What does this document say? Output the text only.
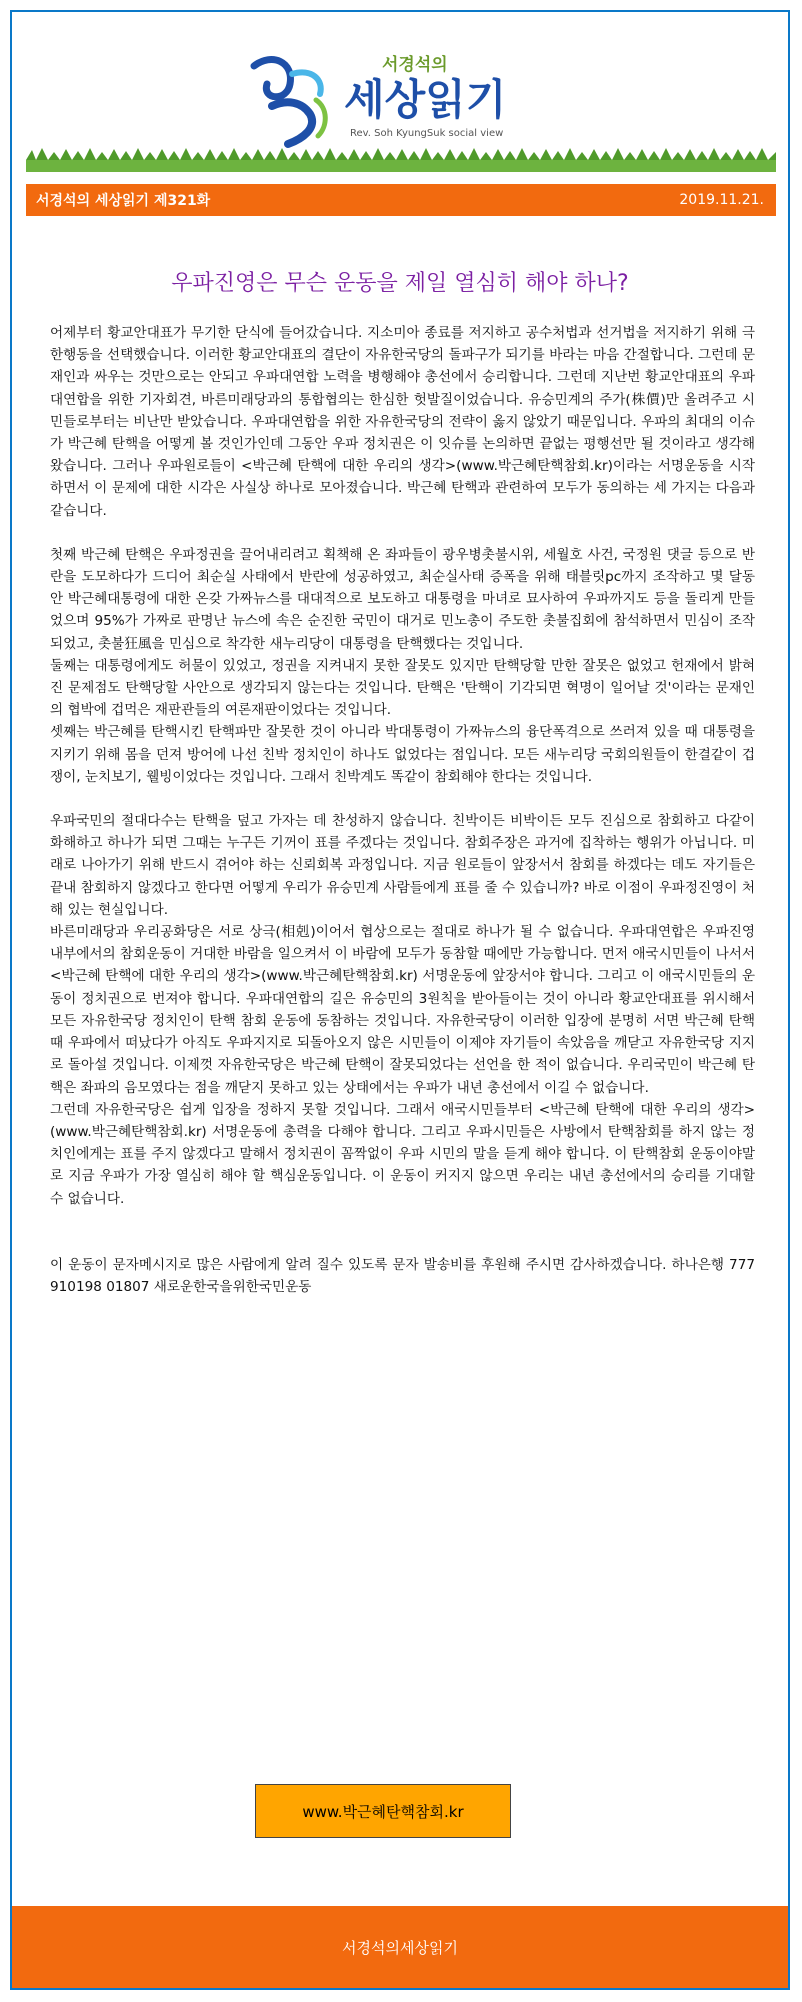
서경석의
세상읽기
Rev. Soh KyungSuk social view
서경석의 세상읽기 제321화	2019.11.21.
우파진영은 무슨 운동을 제일 열심히 해야 하나?

어제부터 황교안대표가 무기한 단식에 들어갔습니다. 지소미아 종료를 저지하고 공수처법과 선거법을 저지하기 위해 극한행동을 선택했습니다. 이러한 황교안대표의 결단이 자유한국당의 돌파구가 되기를 바라는 마음 간절합니다. 그런데 문재인과 싸우는 것만으로는 안되고 우파대연합 노력을 병행해야 총선에서 승리합니다. 그런데 지난번 황교안대표의 우파대연합을 위한 기자회견, 바른미래당과의 통합협의는 한심한 헛발질이었습니다. 유승민계의 주가(株價)만 올려주고 시민들로부터는 비난만 받았습니다. 우파대연합을 위한 자유한국당의 전략이 옳지 않았기 때문입니다. 우파의 최대의 이슈가 박근혜 탄핵을 어떻게 볼 것인가인데 그동안 우파 정치권은 이 잇슈를 논의하면 끝없는 평행선만 될 것이라고 생각해 왔습니다. 그러나 우파원로들이 <박근혜 탄핵에 대한 우리의 생각>(www.박근혜탄핵참회.kr)이라는 서명운동을 시작하면서 이 문제에 대한 시각은 사실상 하나로 모아졌습니다. 박근혜 탄핵과 관련하여 모두가 동의하는 세 가지는 다음과 같습니다.

첫째 박근혜 탄핵은 우파정권을 끌어내리려고 획책해 온 좌파들이 광우병촛불시위, 세월호 사건, 국정원 댓글 등으로 반란을 도모하다가 드디어 최순실 사태에서 반란에 성공하였고, 최순실사태 증폭을 위해 태블릿pc까지 조작하고 몇 달동안 박근혜대통령에 대한 온갖 가짜뉴스를 대대적으로 보도하고 대통령을 마녀로 묘사하여 우파까지도 등을 돌리게 만들었으며 95%가 가짜로 판명난 뉴스에 속은 순진한 국민이 대거로 민노총이 주도한 촛불집회에 참석하면서 민심이 조작되었고, 촛불狂風을 민심으로 착각한 새누리당이 대통령을 탄핵했다는 것입니다.

둘째는 대통령에게도 허물이 있었고, 정권을 지켜내지 못한 잘못도 있지만 탄핵당할 만한 잘못은 없었고 헌재에서 밝혀진 문제점도 탄핵당할 사안으로 생각되지 않는다는 것입니다. 탄핵은 '탄핵이 기각되면 혁명이 일어날 것'이라는 문재인의 협박에 겁먹은 재판관들의 여론재판이었다는 것입니다.

셋째는 박근혜를 탄핵시킨 탄핵파만 잘못한 것이 아니라 박대통령이 가짜뉴스의 융단폭격으로 쓰러져 있을 때 대통령을 지키기 위해 몸을 던져 방어에 나선 친박 정치인이 하나도 없었다는 점입니다. 모든 새누리당 국회의원들이 한결같이 겁쟁이, 눈치보기, 웰빙이었다는 것입니다. 그래서 친박계도 똑같이 참회해야 한다는 것입니다.

우파국민의 절대다수는 탄핵을 덮고 가자는 데 찬성하지 않습니다. 친박이든 비박이든 모두 진심으로 참회하고 다같이 화해하고 하나가 되면 그때는 누구든 기꺼이 표를 주겠다는 것입니다. 참회주장은 과거에 집착하는 행위가 아닙니다. 미래로 나아가기 위해 반드시 겪어야 하는 신뢰회복 과정입니다. 지금 원로들이 앞장서서 참회를 하겠다는 데도 자기들은 끝내 참회하지 않겠다고 한다면 어떻게 우리가 유승민계 사람들에게 표를 줄 수 있습니까? 바로 이점이 우파정진영이 처해 있는 현실입니다.

바른미래당과 우리공화당은 서로 상극(相剋)이어서 협상으로는 절대로 하나가 될 수 없습니다. 우파대연합은 우파진영내부에서의 참회운동이 거대한 바람을 일으켜서 이 바람에 모두가 동참할 때에만 가능합니다. 먼저 애국시민들이 나서서 <박근혜 탄핵에 대한 우리의 생각>(www.박근혜탄핵참회.kr) 서명운동에 앞장서야 합니다. 그리고 이 애국시민들의 운동이 정치권으로 번져야 합니다. 우파대연합의 길은 유승민의 3원칙을 받아들이는 것이 아니라 황교안대표를 위시해서 모든 자유한국당 정치인이 탄핵 참회 운동에 동참하는 것입니다. 자유한국당이 이러한 입장에 분명히 서면 박근혜 탄핵 때 우파에서 떠났다가 아직도 우파지지로 되돌아오지 않은 시민들이 이제야 자기들이 속았음을 깨닫고 자유한국당 지지로 돌아설 것입니다. 이제껏 자유한국당은 박근혜 탄핵이 잘못되었다는 선언을 한 적이 없습니다. 우리국민이 박근혜 탄핵은 좌파의 음모였다는 점을 깨닫지 못하고 있는 상태에서는 우파가 내년 총선에서 이길 수 없습니다.

그런데 자유한국당은 쉽게 입장을 정하지 못할 것입니다. 그래서 애국시민들부터 <박근혜 탄핵에 대한 우리의 생각>(www.박근혜탄핵참회.kr) 서명운동에 총력을 다해야 합니다. 그리고 우파시민들은 사방에서 탄핵참회를 하지 않는 정치인에게는 표를 주지 않겠다고 말해서 정치권이 꼼짝없이 우파 시민의 말을 듣게 해야 합니다. 이 탄핵참회 운동이야말로 지금 우파가 가장 열심히 해야 할 핵심운동입니다. 이 운동이 커지지 않으면 우리는 내년 총선에서의 승리를 기대할 수 없습니다.

이 운동이 문자메시지로 많은 사람에게 알려 질수 있도록 문자 발송비를 후원해 주시면 감사하겠습니다. 하나은행 777 910198 01807 새로운한국을위한국민운동

www.박근혜탄핵참회.kr
서경석의세상읽기
